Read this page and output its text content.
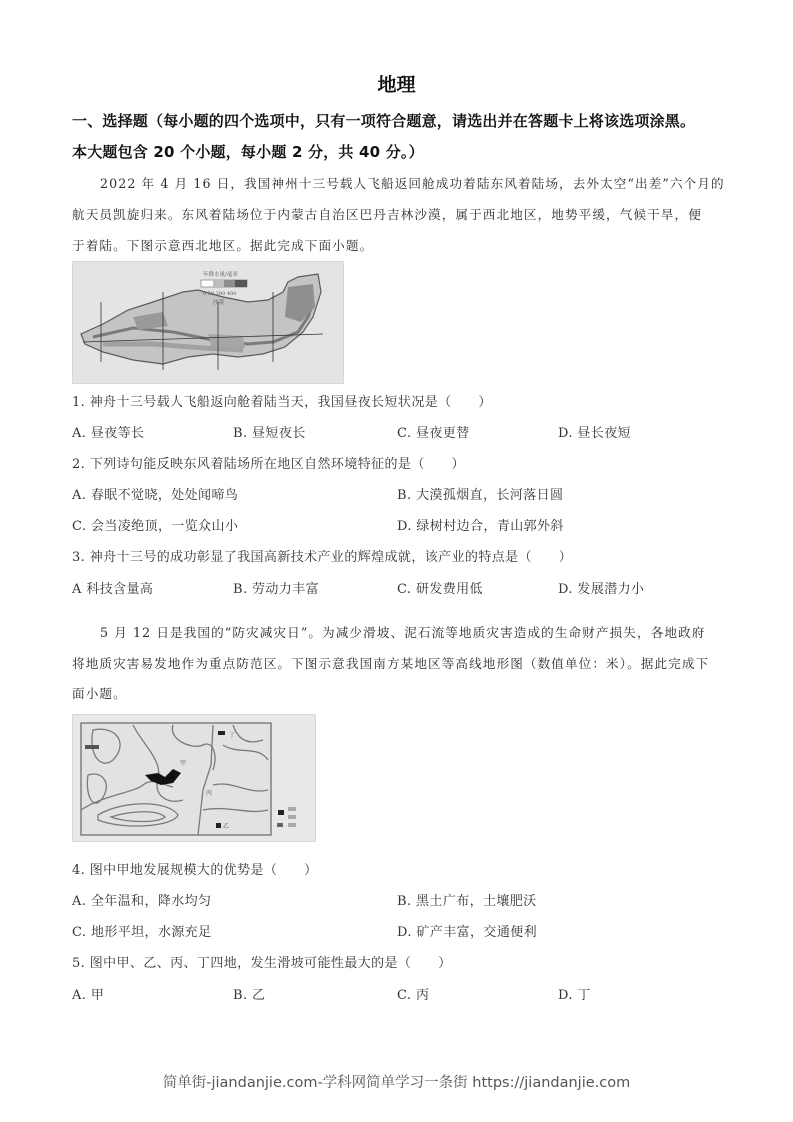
地理
一、选择题（每小题的四个选项中，只有一项符合题意，请选出并在答题卡上将该选项涂黑。
本大题包含 20 个小题，每小题 2 分，共 40 分。）
2022 年 4 月 16 日，我国神州十三号载人飞船返回舱成功着陆东风着陆场，去外太空“出差”六个月的
航天员凯旋归来。东风着陆场位于内蒙古自治区巴丹吉林沙漠，属于西北地区，地势平缓，气候干旱，便
于着陆。下图示意西北地区。据此完成下面小题。
年降水量/毫米
0 50 200 400
沙漠
1. 神舟十三号载人飞船返向舱着陆当天，我国昼夜长短状况是（　　）
A. 昼夜等长	B. 昼短夜长	C. 昼夜更替	D. 昼长夜短
2. 下列诗句能反映东风着陆场所在地区自然环境特征的是（　　）
A. 春眠不觉晓，处处闻啼鸟	B. 大漠孤烟直，长河落日圆
C. 会当凌绝顶，一览众山小	D. 绿树村边合，青山郭外斜
3. 神舟十三号的成功彰显了我国高新技术产业的辉煌成就，该产业的特点是（　　）
A 科技含量高	B. 劳动力丰富	C. 研发费用低	D. 发展潜力小
5 月 12 日是我国的“防灾减灾日”。为减少滑坡、泥石流等地质灾害造成的生命财产损失，各地政府
将地质灾害易发地作为重点防范区。下图示意我国南方某地区等高线地形图（数值单位：米）。据此完成下
面小题。
甲
乙
丙
丁
4. 图中甲地发展规模大的优势是（　　）
A. 全年温和，降水均匀	B. 黑土广布，土壤肥沃
C. 地形平坦，水源充足	D. 矿产丰富，交通便利
5. 图中甲、乙、丙、丁四地，发生滑坡可能性最大的是（　　）
A. 甲	B. 乙	C. 丙	D. 丁
简单街-jiandanjie.com-学科网简单学习一条街 https://jiandanjie.com
